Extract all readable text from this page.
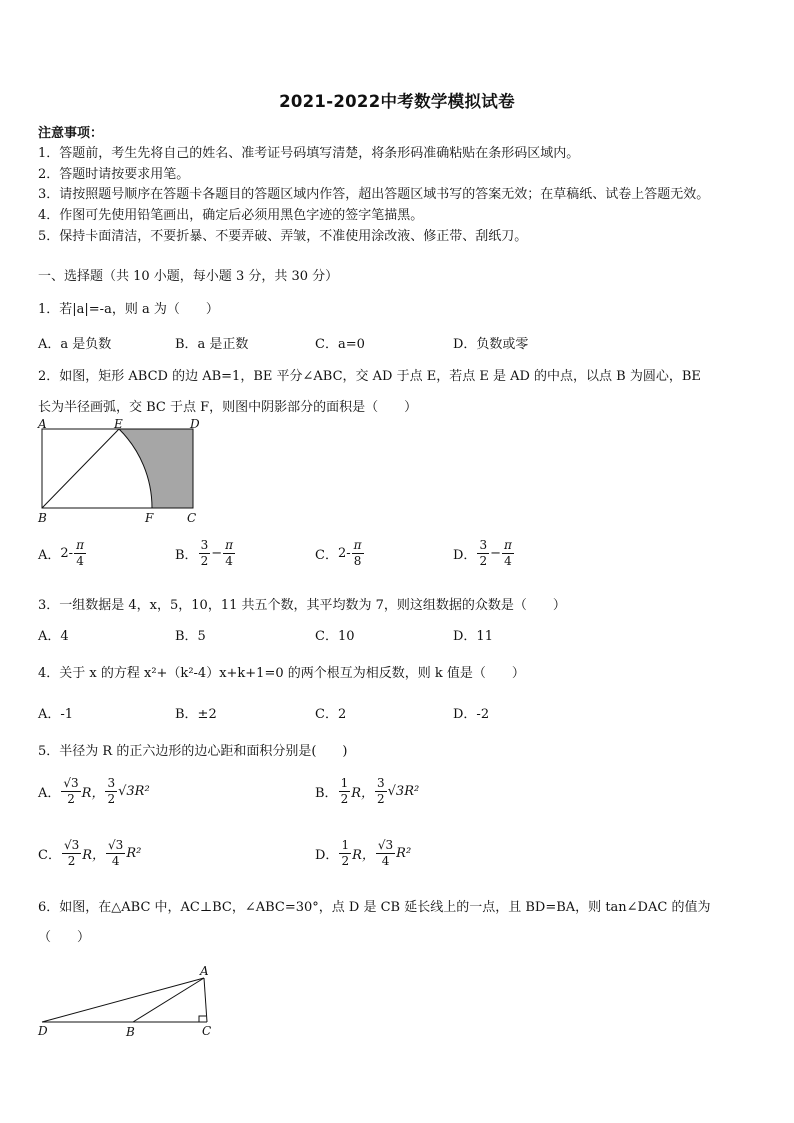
2021-2022中考数学模拟试卷
注意事项：
1．答题前，考生先将自己的姓名、准考证号码填写清楚，将条形码准确粘贴在条形码区域内。
2．答题时请按要求用笔。
3．请按照题号顺序在答题卡各题目的答题区域内作答，超出答题区域书写的答案无效；在草稿纸、试卷上答题无效。
4．作图可先使用铅笔画出，确定后必须用黑色字迹的签字笔描黑。
5．保持卡面清洁，不要折暴、不要弄破、弄皱，不准使用涂改液、修正带、刮纸刀。
一、选择题（共 10 小题，每小题 3 分，共 30 分）
1．若|a|=-a，则 a 为（　　）
A．a 是负数	B．a 是正数	C．a=0	D．负数或零
2．如图，矩形 ABCD 的边 AB=1，BE 平分∠ABC，交 AD 于点 E，若点 E 是 AD 的中点，以点 B 为圆心，BE
长为半径画弧，交 BC 于点 F，则图中阴影部分的面积是（　　）
A	E	D
B	F	C
A． $2- \frac{\pi}{4}$	B． $\frac{3}{2} - \frac{\pi}{4}$	C． $2- \frac{\pi}{8}$	D． $\frac{3}{2} - \frac{\pi}{4}$
3．一组数据是 4，x，5，10，11 共五个数，其平均数为 7，则这组数据的众数是（　　）
A．4	B．5	C．10	D．11
4．关于 x 的方程 x²+（k²-4）x+k+1=0 的两个根互为相反数，则 k 值是（　　）
A．-1	B．±2	C．2	D．-2
5．半径为 R 的正六边形的边心距和面积分别是(　　)
A． $\frac{√3}{2}$ R， $\frac{3}{2} √3R^2$	B． $\frac{1}{2}$ R， $\frac{3}{2} √3R^2$
C． $\frac{√3}{2}$ R， $\frac{√3}{4} R^2$	D． $\frac{1}{2}$ R， $\frac{√3}{4} R^2$
6．如图，在△ABC 中，AC⊥BC，∠ABC=30°，点 D 是 CB 延长线上的一点，且 BD=BA，则 tan∠DAC 的值为
（　　）
A
D	B	C
